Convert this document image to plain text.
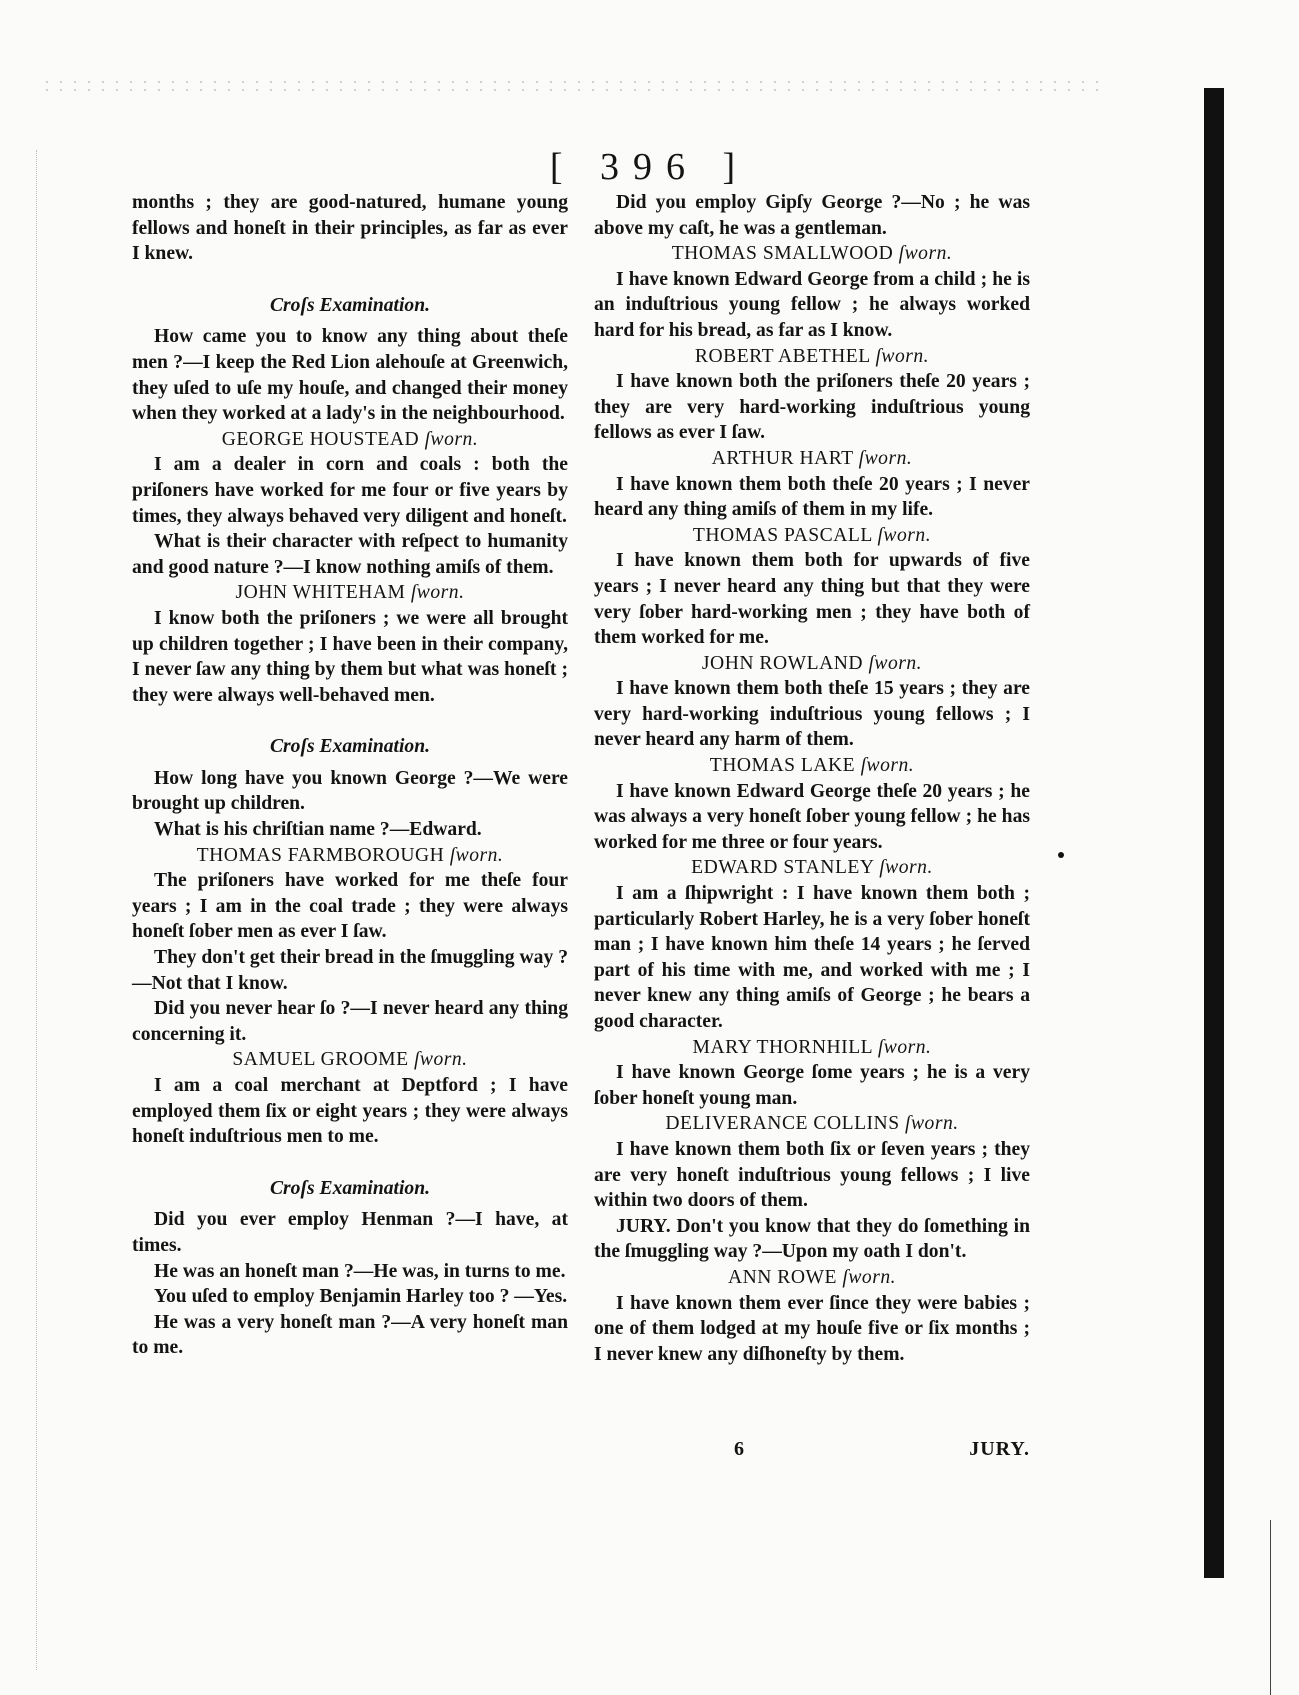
[ 396 ]

months ; they are good-natured, humane young fellows and honeſt in their principles, as far as ever I knew.

Croſs Examination.

How came you to know any thing about theſe men ?—I keep the Red Lion alehouſe at Greenwich, they uſed to uſe my houſe, and changed their money when they worked at a lady's in the neighbourhood.

GEORGE HOUSTEAD ſworn.

I am a dealer in corn and coals : both the priſoners have worked for me four or five years by times, they always behaved very diligent and honeſt.

What is their character with reſpect to humanity and good nature ?—I know nothing amiſs of them.

JOHN WHITEHAM ſworn.

I know both the priſoners ; we were all brought up children together ; I have been in their company, I never ſaw any thing by them but what was honeſt ; they were always well-behaved men.

Croſs Examination.

How long have you known George ?—We were brought up children.

What is his chriſtian name ?—Edward.

THOMAS FARMBOROUGH ſworn.

The priſoners have worked for me theſe four years ; I am in the coal trade ; they were always honeſt ſober men as ever I ſaw.

They don't get their bread in the ſmuggling way ?—Not that I know.

Did you never hear ſo ?—I never heard any thing concerning it.

SAMUEL GROOME ſworn.

I am a coal merchant at Deptford ; I have employed them ſix or eight years ; they were always honeſt induſtrious men to me.

Croſs Examination.

Did you ever employ Henman ?—I have, at times.

He was an honeſt man ?—He was, in turns to me.

You uſed to employ Benjamin Harley too ? —Yes.

He was a very honeſt man ?—A very honeſt man to me.

Did you employ Gipſy George ?—No ; he was above my caſt, he was a gentleman.

THOMAS SMALLWOOD ſworn.

I have known Edward George from a child ; he is an induſtrious young fellow ; he always worked hard for his bread, as far as I know.

ROBERT ABETHEL ſworn.

I have known both the priſoners theſe 20 years ; they are very hard-working induſtrious young fellows as ever I ſaw.

ARTHUR HART ſworn.

I have known them both theſe 20 years ; I never heard any thing amiſs of them in my life.

THOMAS PASCALL ſworn.

I have known them both for upwards of five years ; I never heard any thing but that they were very ſober hard-working men ; they have both of them worked for me.

JOHN ROWLAND ſworn.

I have known them both theſe 15 years ; they are very hard-working induſtrious young fellows ; I never heard any harm of them.

THOMAS LAKE ſworn.

I have known Edward George theſe 20 years ; he was always a very honeſt ſober young fellow ; he has worked for me three or four years.

EDWARD STANLEY ſworn.

I am a ſhipwright : I have known them both ; particularly Robert Harley, he is a very ſober honeſt man ; I have known him theſe 14 years ; he ſerved part of his time with me, and worked with me ; I never knew any thing amiſs of George ; he bears a good character.

MARY THORNHILL ſworn.

I have known George ſome years ; he is a very ſober honeſt young man.

DELIVERANCE COLLINS ſworn.

I have known them both ſix or ſeven years ; they are very honeſt induſtrious young fellows ; I live within two doors of them.

JURY. Don't you know that they do ſomething in the ſmuggling way ?—Upon my oath I don't.

ANN ROWE ſworn.

I have known them ever ſince they were babies ; one of them lodged at my houſe five or ſix months ; I never knew any diſhoneſty by them.

6	JURY.
